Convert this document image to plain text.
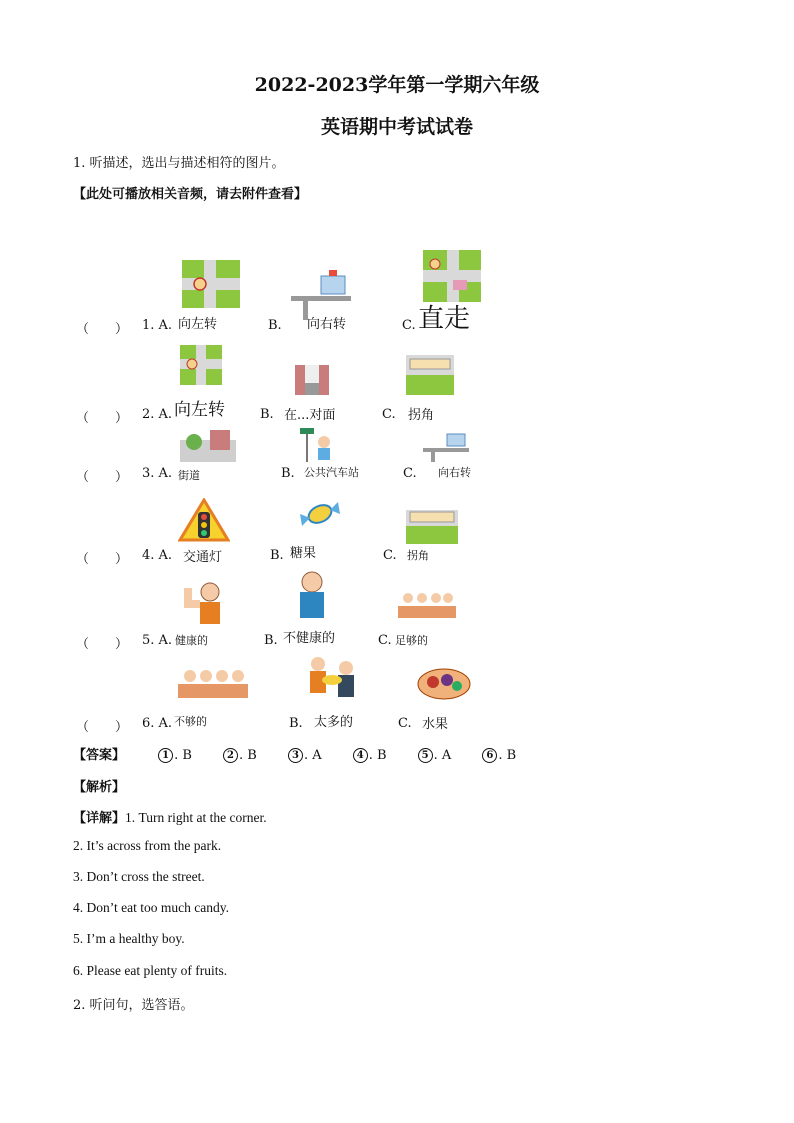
2022-2023学年第一学期六年级
英语期中考试试卷
1. 听描述，选出与描述相符的图片。
【此处可播放相关音频，请去附件查看】
（　　） 1. A. 向左转	B. 向右转	C. 直走
（　　） 2. A. 向左转	B. 在...对面	C. 拐角
（　　） 3. A. 街道	B. 公共汽车站	C. 向右转
（　　） 4. A. 交通灯	B. 糖果	C. 拐角
（　　） 5. A. 健康的	B. 不健康的	C. 足够的
（　　） 6. A. 不够的	B. 太多的	C. 水果
【答案】	1 . B	2 . B	3 . A	4 . B	5 . A	6 . B
【解析】
【详解】1. Turn right at the corner.
2. It’s across from the park.
3. Don’t cross the street.
4. Don’t eat too much candy.
5. I’m a healthy boy.
6. Please eat plenty of fruits.
2. 听问句，选答语。
